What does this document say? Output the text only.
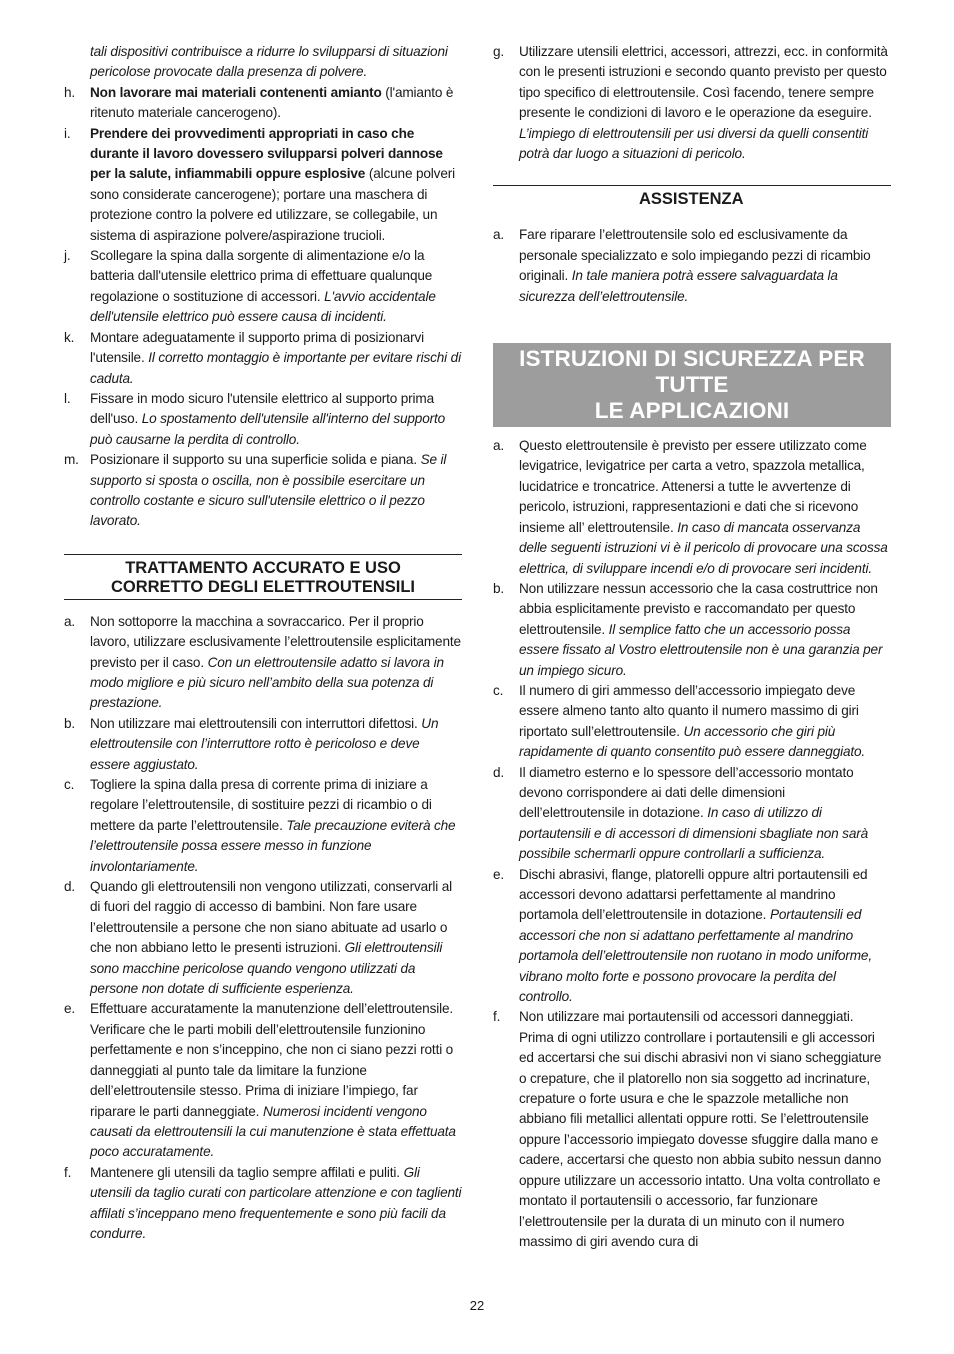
tali dispositivi contribuisce a ridurre lo svilupparsi di situazioni pericolose provocate dalla presenza di polvere.

h. Non lavorare mai materiali contenenti amianto (l'amianto è ritenuto materiale cancerogeno).

i. Prendere dei provvedimenti appropriati in caso che durante il lavoro dovessero svilupparsi polveri dannose per la salute, infiammabili oppure esplosive (alcune polveri sono considerate cancerogene); portare una maschera di protezione contro la polvere ed utilizzare, se collegabile, un sistema di aspirazione polvere/aspirazione trucioli.

j. Scollegare la spina dalla sorgente di alimentazione e/o la batteria dall'utensile elettrico prima di effettuare qualunque regolazione o sostituzione di accessori. L'avvio accidentale dell'utensile elettrico può essere causa di incidenti.

k. Montare adeguatamente il supporto prima di posizionarvi l'utensile. Il corretto montaggio è importante per evitare rischi di caduta.

l. Fissare in modo sicuro l'utensile elettrico al supporto prima dell'uso. Lo spostamento dell'utensile all'interno del supporto può causarne la perdita di controllo.

m. Posizionare il supporto su una superficie solida e piana. Se il supporto si sposta o oscilla, non è possibile esercitare un controllo costante e sicuro sull'utensile elettrico o il pezzo lavorato.

TRATTAMENTO ACCURATO E USO
CORRETTO DEGLI ELETTROUTENSILI

a. Non sottoporre la macchina a sovraccarico. Per il proprio lavoro, utilizzare esclusivamente l’elettroutensile esplicitamente previsto per il caso. Con un elettroutensile adatto si lavora in modo migliore e più sicuro nell’ambito della sua potenza di prestazione.

b. Non utilizzare mai elettroutensili con interruttori difettosi. Un elettroutensile con l’interruttore rotto è pericoloso e deve essere aggiustato.

c. Togliere la spina dalla presa di corrente prima di iniziare a regolare l’elettroutensile, di sostituire pezzi di ricambio o di mettere da parte l’elettroutensile. Tale precauzione eviterà che l’elettroutensile possa essere messo in funzione involontariamente.

d. Quando gli elettroutensili non vengono utilizzati, conservarli al di fuori del raggio di accesso di bambini. Non fare usare l’elettroutensile a persone che non siano abituate ad usarlo o che non abbiano letto le presenti istruzioni. Gli elettroutensili sono macchine pericolose quando vengono utilizzati da persone non dotate di sufficiente esperienza.

e. Effettuare accuratamente la manutenzione dell’elettroutensile. Verificare che le parti mobili dell’elettroutensile funzionino perfettamente e non s’inceppino, che non ci siano pezzi rotti o danneggiati al punto tale da limitare la funzione dell’elettroutensile stesso. Prima di iniziare l’impiego, far riparare le parti danneggiate. Numerosi incidenti vengono causati da elettroutensili la cui manutenzione è stata effettuata poco accuratamente.

f. Mantenere gli utensili da taglio sempre affilati e puliti. Gli utensili da taglio curati con particolare attenzione e con taglienti affilati s’inceppano meno frequentemente e sono più facili da condurre.

g. Utilizzare utensili elettrici, accessori, attrezzi, ecc. in conformità con le presenti istruzioni e secondo quanto previsto per questo tipo specifico di elettroutensile. Così facendo, tenere sempre presente le condizioni di lavoro e le operazione da eseguire. L’impiego di elettroutensili per usi diversi da quelli consentiti potrà dar luogo a situazioni di pericolo.

ASSISTENZA

a. Fare riparare l’elettroutensile solo ed esclusivamente da personale specializzato e solo impiegando pezzi di ricambio originali. In tale maniera potrà essere salvaguardata la sicurezza dell’elettroutensile.

ISTRUZIONI DI SICUREZZA PER TUTTE
LE APPLICAZIONI

a. Questo elettroutensile è previsto per essere utilizzato come levigatrice, levigatrice per carta a vetro, spazzola metallica, lucidatrice e troncatrice. Attenersi a tutte le avvertenze di pericolo, istruzioni, rappresentazioni e dati che si ricevono insieme all’ elettroutensile. In caso di mancata osservanza delle seguenti istruzioni vi è il pericolo di provocare una scossa elettrica, di sviluppare incendi e/o di provocare seri incidenti.

b. Non utilizzare nessun accessorio che la casa costruttrice non abbia esplicitamente previsto e raccomandato per questo elettroutensile. Il semplice fatto che un accessorio possa essere fissato al Vostro elettroutensile non è una garanzia per un impiego sicuro.

c. Il numero di giri ammesso dell’accessorio impiegato deve essere almeno tanto alto quanto il numero massimo di giri riportato sull’elettroutensile. Un accessorio che giri più rapidamente di quanto consentito può essere danneggiato.

d. Il diametro esterno e lo spessore dell’accessorio montato devono corrispondere ai dati delle dimensioni dell’elettroutensile in dotazione. In caso di utilizzo di portautensili e di accessori di dimensioni sbagliate non sarà possibile schermarli oppure controllarli a sufficienza.

e. Dischi abrasivi, flange, platorelli oppure altri portautensili ed accessori devono adattarsi perfettamente al mandrino portamola dell’elettroutensile in dotazione. Portautensili ed accessori che non si adattano perfettamente al mandrino portamola dell’elettroutensile non ruotano in modo uniforme, vibrano molto forte e possono provocare la perdita del controllo.

f. Non utilizzare mai portautensili od accessori danneggiati. Prima di ogni utilizzo controllare i portautensili e gli accessori ed accertarsi che sui dischi abrasivi non vi siano scheggiature o crepature, che il platorello non sia soggetto ad incrinature, crepature o forte usura e che le spazzole metalliche non abbiano fili metallici allentati oppure rotti. Se l’elettroutensile oppure l’accessorio impiegato dovesse sfuggire dalla mano e cadere, accertarsi che questo non abbia subito nessun danno oppure utilizzare un accessorio intatto. Una volta controllato e montato il portautensili o accessorio, far funzionare l’elettroutensile per la durata di un minuto con il numero massimo di giri avendo cura di

22
